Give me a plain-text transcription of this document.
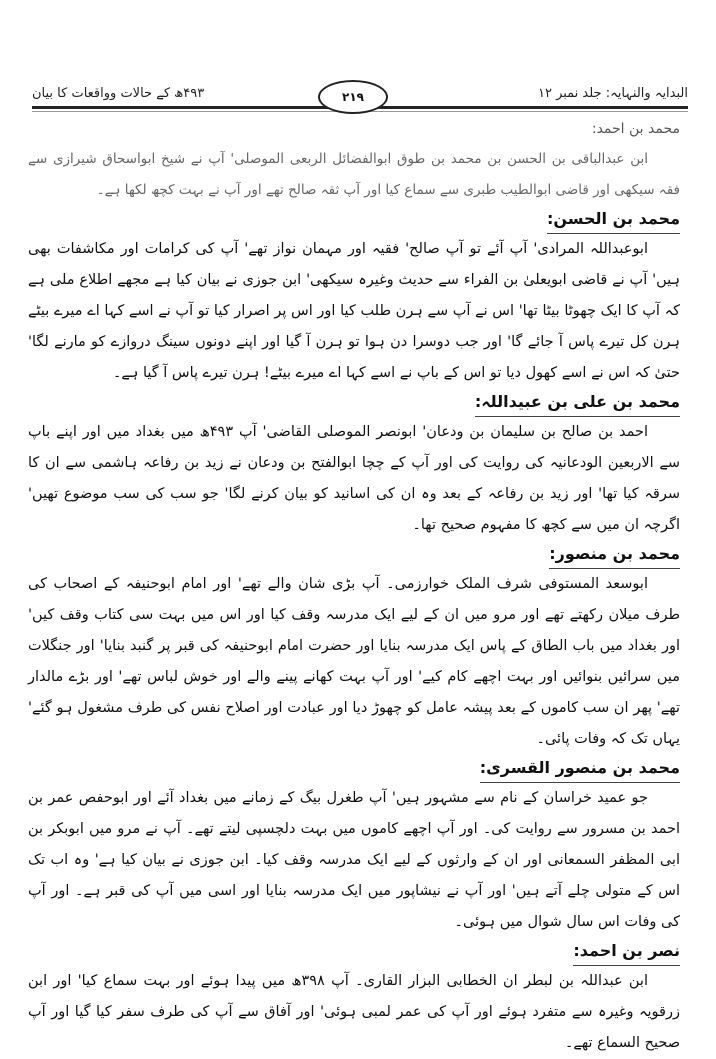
البدایہ والنہایہ: جلد نمبر ۱۲
۴۹۳ھ کے حالات وواقعات کا بیان	۲۱۹
محمد بن احمد:

ابن عبدالباقی بن الحسن بن محمد بن طوق ابوالفضائل الربعی الموصلی' آپ نے شیخ ابواسحاق شیرازی سے فقہ سیکھی اور قاضی ابوالطیب طبری سے سماع کیا اور آپ ثقہ صالح تھے اور آپ نے بہت کچھ لکھا ہے۔

محمد بن الحسن:

ابوعبداللہ المرادی' آپ آئے تو آپ صالح' فقیہ اور مہمان نواز تھے' آپ کی کرامات اور مکاشفات بھی ہیں' آپ نے قاضی ابویعلیٰ بن الفراء سے حدیث وغیرہ سیکھی' ابن جوزی نے بیان کیا ہے مجھے اطلاع ملی ہے کہ آپ کا ایک چھوٹا بیٹا تھا' اس نے آپ سے ہرن طلب کیا اور اس پر اصرار کیا تو آپ نے اسے کہا اے میرے بیٹے ہرن کل تیرے پاس آ جائے گا' اور جب دوسرا دن ہوا تو ہرن آ گیا اور اپنے دونوں سینگ دروازے کو مارنے لگا' حتیٰ کہ اس نے اسے کھول دیا تو اس کے باپ نے اسے کہا اے میرے بیٹے! ہرن تیرے پاس آ گیا ہے۔

محمد بن علی بن عبیداللہ:

احمد بن صالح بن سلیمان بن ودعان' ابونصر الموصلی القاضی' آپ ۴۹۳ھ میں بغداد میں اور اپنے باپ سے الاربعین الودعانیہ کی روایت کی اور آپ کے چچا ابوالفتح بن ودعان نے زید بن رفاعہ ہاشمی سے ان کا سرقہ کیا تھا' اور زید بن رفاعہ کے بعد وہ ان کی اسانید کو بیان کرنے لگا' جو سب کی سب موضوع تھیں' اگرچہ ان میں سے کچھ کا مفہوم صحیح تھا۔

محمد بن منصور:

ابوسعد المستوفی شرف الملک خوارزمی۔ آپ بڑی شان والے تھے' اور امام ابوحنیفہ کے اصحاب کی طرف میلان رکھتے تھے اور مرو میں ان کے لیے ایک مدرسہ وقف کیا اور اس میں بہت سی کتاب وقف کیں' اور بغداد میں باب الطاق کے پاس ایک مدرسہ بنایا اور حضرت امام ابوحنیفہ کی قبر پر گنبد بنایا' اور جنگلات میں سرائیں بنوائیں اور بہت اچھے کام کیے' اور آپ بہت کھانے پینے والے اور خوش لباس تھے' اور بڑے مالدار تھے' پھر ان سب کاموں کے بعد پیشہ عامل کو چھوڑ دیا اور عبادت اور اصلاح نفس کی طرف مشغول ہو گئے' یہاں تک کہ وفات پائی۔

محمد بن منصور القسری:

جو عمید خراسان کے نام سے مشہور ہیں' آپ طغرل بیگ کے زمانے میں بغداد آئے اور ابوحفص عمر بن احمد بن مسرور سے روایت کی۔ اور آپ اچھے کاموں میں بہت دلچسپی لیتے تھے۔ آپ نے مرو میں ابوبکر بن ابی المظفر السمعانی اور ان کے وارثوں کے لیے ایک مدرسہ وقف کیا۔ ابن جوزی نے بیان کیا ہے' وہ اب تک اس کے متولی چلے آتے ہیں' اور آپ نے نیشاپور میں ایک مدرسہ بنایا اور اسی میں آپ کی قبر ہے۔ اور آپ کی وفات اس سال شوال میں ہوئی۔

نصر بن احمد:

ابن عبداللہ بن لبطر ان الخطابی البزار القاری۔ آپ ۳۹۸ھ میں پیدا ہوئے اور بہت سماع کیا' اور ابن زرقویہ وغیرہ سے متفرد ہوئے اور آپ کی عمر لمبی ہوئی' اور آفاق سے آپ کی طرف سفر کیا گیا اور آپ صحیح السماع تھے۔
